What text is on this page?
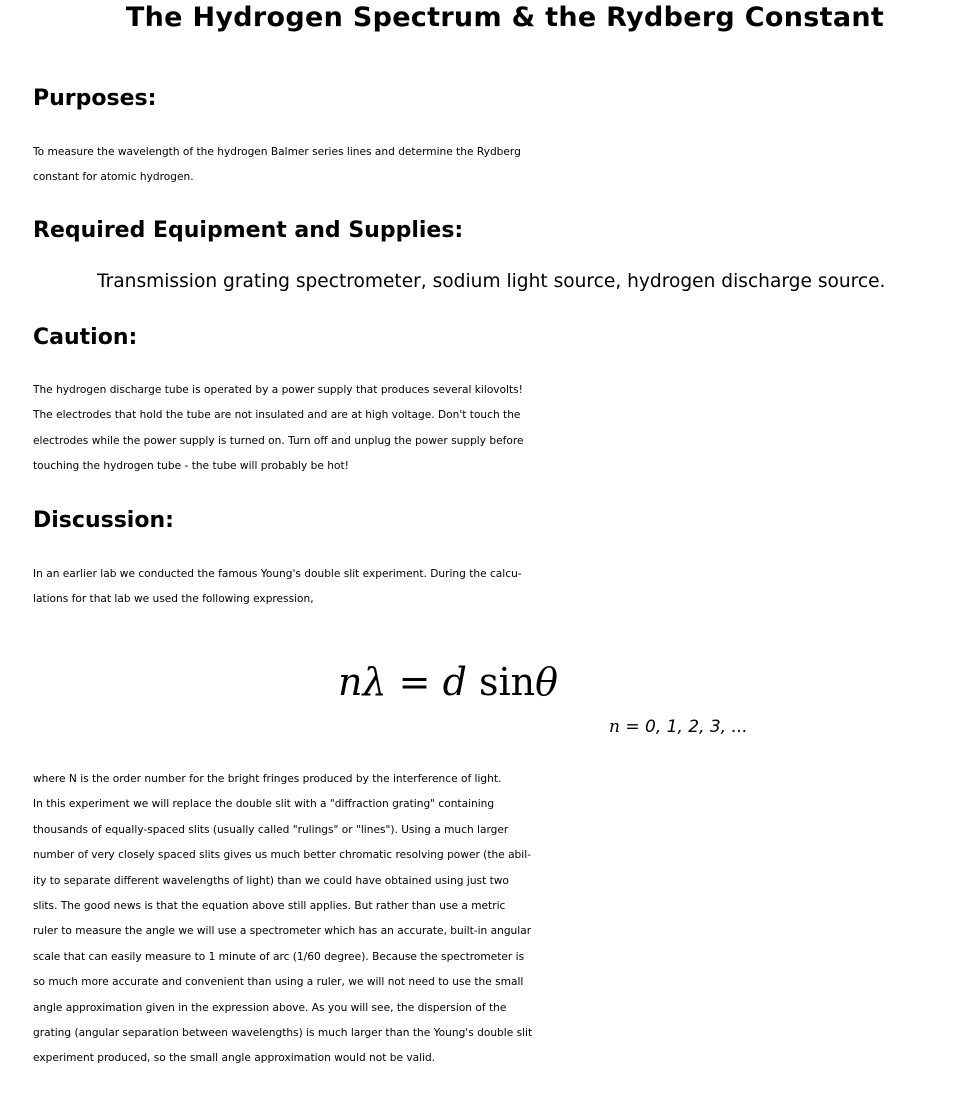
The Hydrogen Spectrum & the Rydberg Constant
Purposes:
To measure the wavelength of the hydrogen Balmer series lines and determine the Rydberg
constant for atomic hydrogen.
Required Equipment and Supplies:
Transmission grating spectrometer, sodium light source, hydrogen discharge source.
Caution:
The hydrogen discharge tube is operated by a power supply that produces several kilovolts!
The electrodes that hold the tube are not insulated and are at high voltage. Don't touch the
electrodes while the power supply is turned on. Turn off and unplug the power supply before
touching the hydrogen tube - the tube will probably be hot!
Discussion:
In an earlier lab we conducted the famous Young's double slit experiment. During the calcu-
lations for that lab we used the following expression,
nλ = d sinθ
n = 0, 1, 2, 3, ...
where N is the order number for the bright fringes produced by the interference of light.
In this experiment we will replace the double slit with a "diffraction grating" containing
thousands of equally-spaced slits (usually called "rulings" or "lines"). Using a much larger
number of very closely spaced slits gives us much better chromatic resolving power (the abil-
ity to separate different wavelengths of light) than we could have obtained using just two
slits. The good news is that the equation above still applies. But rather than use a metric
ruler to measure the angle we will use a spectrometer which has an accurate, built-in angular
scale that can easily measure to 1 minute of arc (1/60 degree). Because the spectrometer is
so much more accurate and convenient than using a ruler, we will not need to use the small
angle approximation given in the expression above. As you will see, the dispersion of the
grating (angular separation between wavelengths) is much larger than the Young's double slit
experiment produced, so the small angle approximation would not be valid.
